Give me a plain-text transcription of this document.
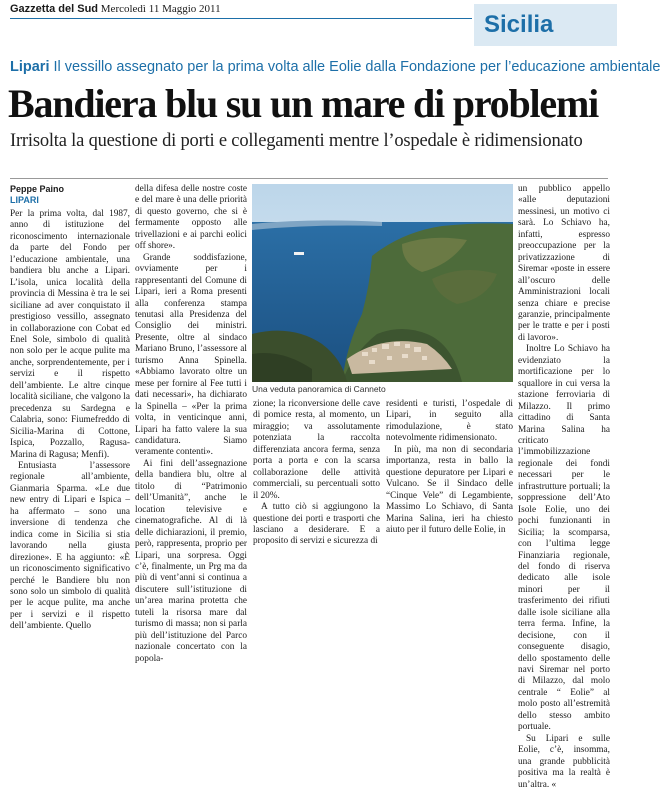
Gazzetta del Sud Mercoledì 11 Maggio 2011
Sicilia
Lipari Il vessillo assegnato per la prima volta alle Eolie dalla Fondazione per l’educazione ambientale
Bandiera blu su un mare di problemi
Irrisolta la questione di porti e collegamenti mentre l’ospedale è ridimensionato
Peppe Paino
LIPARI

Per la prima volta, dal 1987, anno di istituzione del riconoscimento internazionale da parte del Fondo per l’educazione ambientale, una bandiera blu anche a Lipari. L’isola, unica località della provincia di Messina è tra le sei siciliane ad aver conquistato il prestigioso vessillo, assegnato in collaborazione con Cobat ed Enel Sole, simbolo di qualità non solo per le acque pulite ma anche, sorprendentemente, per i servizi e il rispetto dell’ambiente. Le altre cinque località siciliane, che valgono la precedenza su Sardegna e Calabria, sono: Fiumefreddo di Sicilia-Marina di Cottone, Ispica, Pozzallo, Ragusa-Marina di Ragusa; Menfi).

Entusiasta l’assessore regionale all’ambiente, Gianmaria Sparma. «Le due new entry di Lipari e Ispica – ha affermato – sono una inversione di tendenza che indica come in Sicilia si stia lavorando nella giusta direzione». E ha aggiunto: «È un riconoscimento significativo perché le Bandiere blu non sono solo un simbolo di qualità per le acque pulite, ma anche per i servizi e il rispetto dell’ambiente. Quello

della difesa delle nostre coste e del mare è una delle priorità di questo governo, che si è fermamente opposto alle trivellazioni e ai parchi eolici off shore».

Grande soddisfazione, ovviamente per i rappresentanti del Comune di Lipari, ieri a Roma presenti alla conferenza stampa tenutasi alla Presidenza del Consiglio dei ministri. Presente, oltre al sindaco Mariano Bruno, l’assessore al turismo Anna Spinella. «Abbiamo lavorato oltre un mese per fornire al Fee tutti i dati necessari», ha dichiarato la Spinella – «Per la prima volta, in venticinque anni, Lipari ha fatto valere la sua candidatura. Siamo veramente contenti».

Ai fini dell’assegnazione della bandiera blu, oltre al titolo di “Patrimonio dell’Umanità”, anche le location televisive e cinematografiche. Al di là delle dichiarazioni, il premio, però, rappresenta, proprio per Lipari, una sorpresa. Oggi c’è, finalmente, un Prg ma da più di vent’anni si continua a discutere sull’istituzione di un’area marina protetta che tuteli la risorsa mare dal turismo di massa; non si parla più dell’istituzione del Parco nazionale concertato con la popola-

zione; la riconversione delle cave di pomice resta, al momento, un miraggio; va assolutamente potenziata la raccolta differenziata ancora ferma, senza porta a porta e con la scarsa collaborazione delle attività commerciali, su percentuali sotto il 20%.

A tutto ciò si aggiungono la questione dei porti e trasporti che lasciano a desiderare. E a proposito di servizi e sicurezza di

residenti e turisti, l’ospedale di Lipari, in seguito alla rimodulazione, è stato notevolmente ridimensionato.

In più, ma non di secondaria importanza, resta in ballo la questione depuratore per Lipari e Vulcano. Se il Sindaco delle “Cinque Vele” di Legambiente, Massimo Lo Schiavo, di Santa Marina Salina, ieri ha chiesto aiuto per il futuro delle Eolie, in

un pubblico appello «alle deputazioni messinesi, un motivo ci sarà. Lo Schiavo ha, infatti, espresso preoccupazione per la privatizzazione di Siremar «poste in essere all’oscuro delle Amministrazioni locali senza chiare e precise garanzie, principalmente per le tratte e per i posti di lavoro».

Inoltre Lo Schiavo ha evidenziato la mortificazione per lo squallore in cui versa la stazione ferroviaria di Milazzo. Il primo cittadino di Santa Marina Salina ha criticato l’immobilizzazione regionale dei fondi necessari per le infrastrutture portuali; la soppressione dell’Ato Isole Eolie, uno dei pochi funzionanti in Sicilia; la scomparsa, con l’ultima legge Finanziaria regionale, del fondo di riserva dedicato alle isole minori per il trasferimento dei rifiuti dalle isole siciliane alla terra ferma. Infine, la decisione, con il conseguente disagio, dello spostamento delle navi Siremar nel porto di Milazzo, dal molo centrale “ Eolie” al molo posto all’estremità dello stesso ambito portuale.

Su Lipari e sulle Eolie, c’è, insomma, una grande pubblicità positiva ma la realtà è un’altra. «

Una veduta panoramica di Canneto
